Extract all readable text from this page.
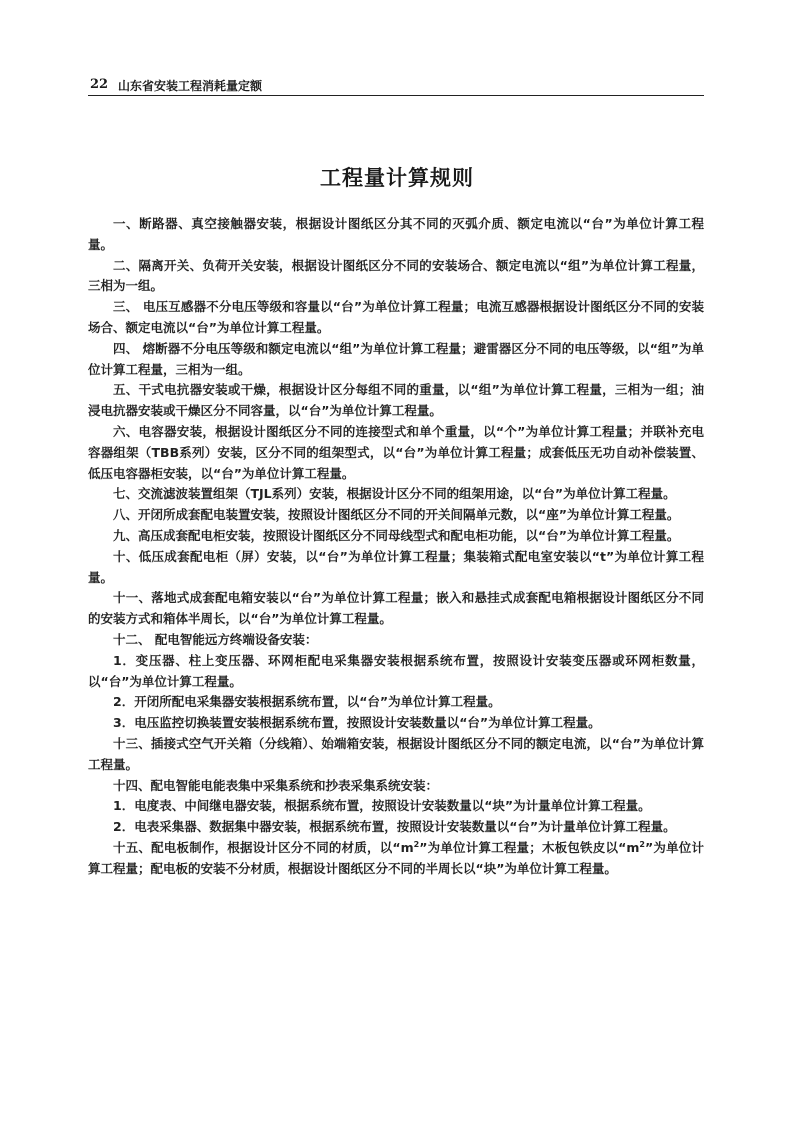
22 山东省安装工程消耗量定额
工程量计算规则

一、断路器、真空接触器安装，根据设计图纸区分其不同的灭弧介质、额定电流以“台”为单位计算工程量。

二、隔离开关、负荷开关安装，根据设计图纸区分不同的安装场合、额定电流以“组”为单位计算工程量，三相为一组。

三、 电压互感器不分电压等级和容量以“台”为单位计算工程量；电流互感器根据设计图纸区分不同的安装场合、额定电流以“台”为单位计算工程量。

四、 熔断器不分电压等级和额定电流以“组”为单位计算工程量；避雷器区分不同的电压等级，以“组”为单位计算工程量，三相为一组。

五、干式电抗器安装或干燥，根据设计区分每组不同的重量，以“组”为单位计算工程量，三相为一组；油浸电抗器安装或干燥区分不同容量，以“台”为单位计算工程量。

六、电容器安装，根据设计图纸区分不同的连接型式和单个重量，以“个”为单位计算工程量；并联补充电容器组架（TBB系列）安装，区分不同的组架型式，以“台”为单位计算工程量；成套低压无功自动补偿装置、低压电容器柜安装，以“台”为单位计算工程量。

七、交流滤波装置组架（TJL系列）安装，根据设计区分不同的组架用途，以“台”为单位计算工程量。

八、开闭所成套配电装置安装，按照设计图纸区分不同的开关间隔单元数，以“座”为单位计算工程量。

九、高压成套配电柜安装，按照设计图纸区分不同母线型式和配电柜功能，以“台”为单位计算工程量。

十、低压成套配电柜（屏）安装，以“台”为单位计算工程量；集装箱式配电室安装以“t”为单位计算工程量。

十一、落地式成套配电箱安装以“台”为单位计算工程量；嵌入和悬挂式成套配电箱根据设计图纸区分不同的安装方式和箱体半周长，以“台”为单位计算工程量。

十二、 配电智能远方终端设备安装：

1．变压器、柱上变压器、环网柜配电采集器安装根据系统布置，按照设计安装变压器或环网柜数量，以“台”为单位计算工程量。

2．开闭所配电采集器安装根据系统布置，以“台”为单位计算工程量。

3．电压监控切换装置安装根据系统布置，按照设计安装数量以“台”为单位计算工程量。

十三、插接式空气开关箱（分线箱）、始端箱安装，根据设计图纸区分不同的额定电流，以“台”为单位计算工程量。

十四、配电智能电能表集中采集系统和抄表采集系统安装：

1．电度表、中间继电器安装，根据系统布置，按照设计安装数量以“块”为计量单位计算工程量。

2．电表采集器、数据集中器安装，根据系统布置，按照设计安装数量以“台”为计量单位计算工程量。

十五、配电板制作，根据设计区分不同的材质，以“$m^2$”为单位计算工程量；木板包铁皮以“$m^2$”为单位计算工程量；配电板的安装不分材质，根据设计图纸区分不同的半周长以“块”为单位计算工程量。
